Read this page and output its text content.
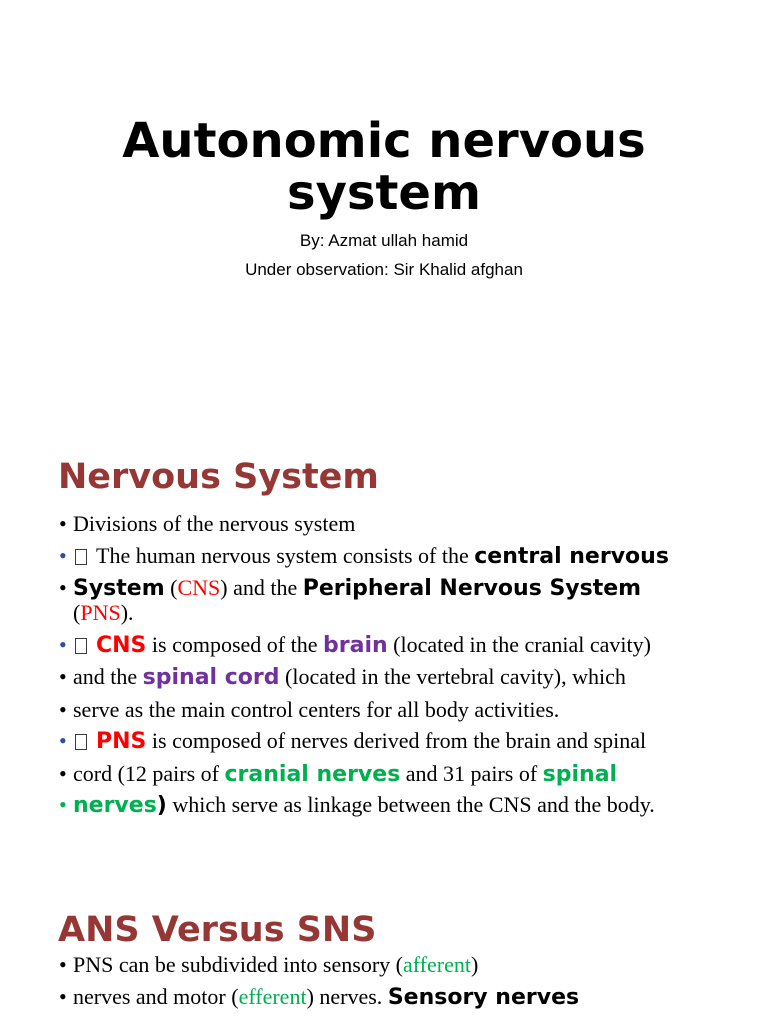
Autonomic nervous
system
By: Azmat ullah hamid
Under observation: Sir Khalid afghan
Nervous System
• Divisions of the nervous system
• The human nervous system consists of the central nervous
• System (CNS) and the Peripheral Nervous System
(PNS).
• CNS is composed of the brain (located in the cranial cavity)
• and the spinal cord (located in the vertebral cavity), which
• serve as the main control centers for all body activities.
• PNS is composed of nerves derived from the brain and spinal
• cord (12 pairs of cranial nerves and 31 pairs of spinal
• nerves) which serve as linkage between the CNS and the body.
ANS Versus SNS
• PNS can be subdivided into sensory (afferent)
• nerves and motor (efferent) nerves. Sensory nerves
